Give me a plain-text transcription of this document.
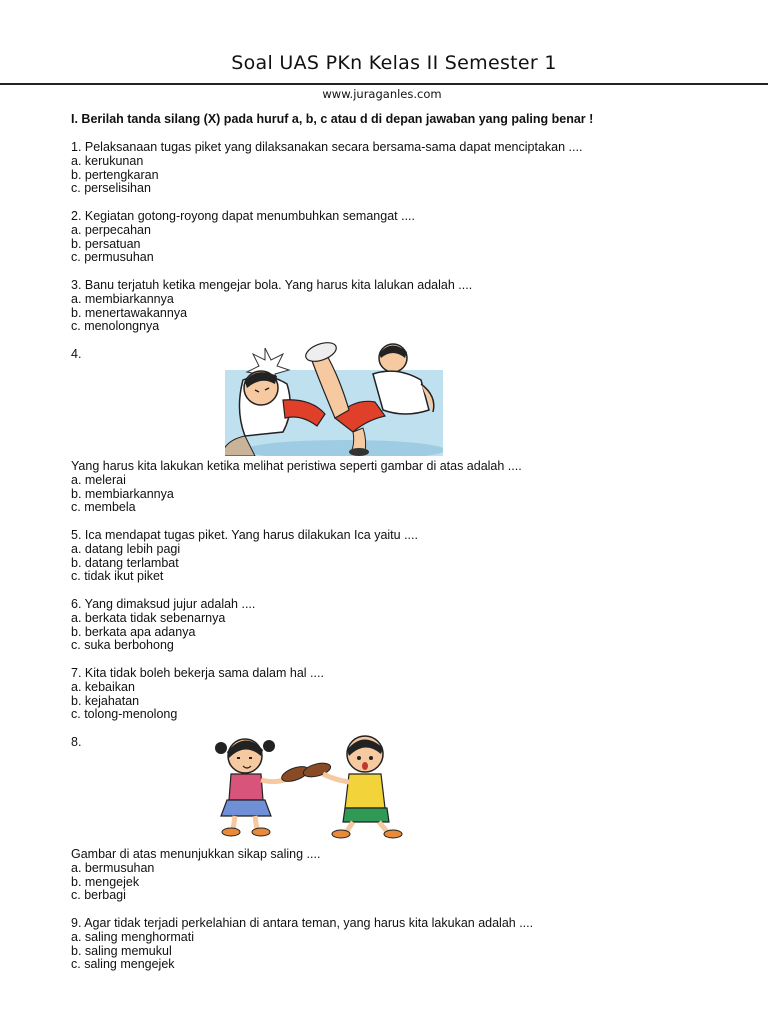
Soal UAS PKn Kelas II Semester 1
www.juraganles.com
I. Berilah tanda silang (X) pada huruf a, b, c atau d di depan jawaban yang paling benar !
1. Pelaksanaan tugas piket yang dilaksanakan secara bersama-sama dapat menciptakan ....
a. kerukunan
b. pertengkaran
c. perselisihan
2. Kegiatan gotong-royong dapat menumbuhkan semangat ....
a. perpecahan
b. persatuan
c. permusuhan
3. Banu terjatuh ketika mengejar bola. Yang harus kita lalukan adalah ....
a. membiarkannya
b. menertawakannya
c. menolongnya
4.
Yang harus kita lakukan ketika melihat peristiwa seperti gambar di atas adalah ....
a. melerai
b. membiarkannya
c. membela
5. Ica mendapat tugas piket. Yang harus dilakukan Ica yaitu ....
a. datang lebih pagi
b. datang terlambat
c. tidak ikut piket
6. Yang dimaksud jujur adalah ....
a. berkata tidak sebenarnya
b. berkata apa adanya
c. suka berbohong
7. Kita tidak boleh bekerja sama dalam hal ....
a. kebaikan
b. kejahatan
c. tolong-menolong
8.
Gambar di atas menunjukkan sikap saling ....
a. bermusuhan
b. mengejek
c. berbagi
9. Agar tidak terjadi perkelahian di antara teman, yang harus kita lakukan adalah ....
a. saling menghormati
b. saling memukul
c. saling mengejek
